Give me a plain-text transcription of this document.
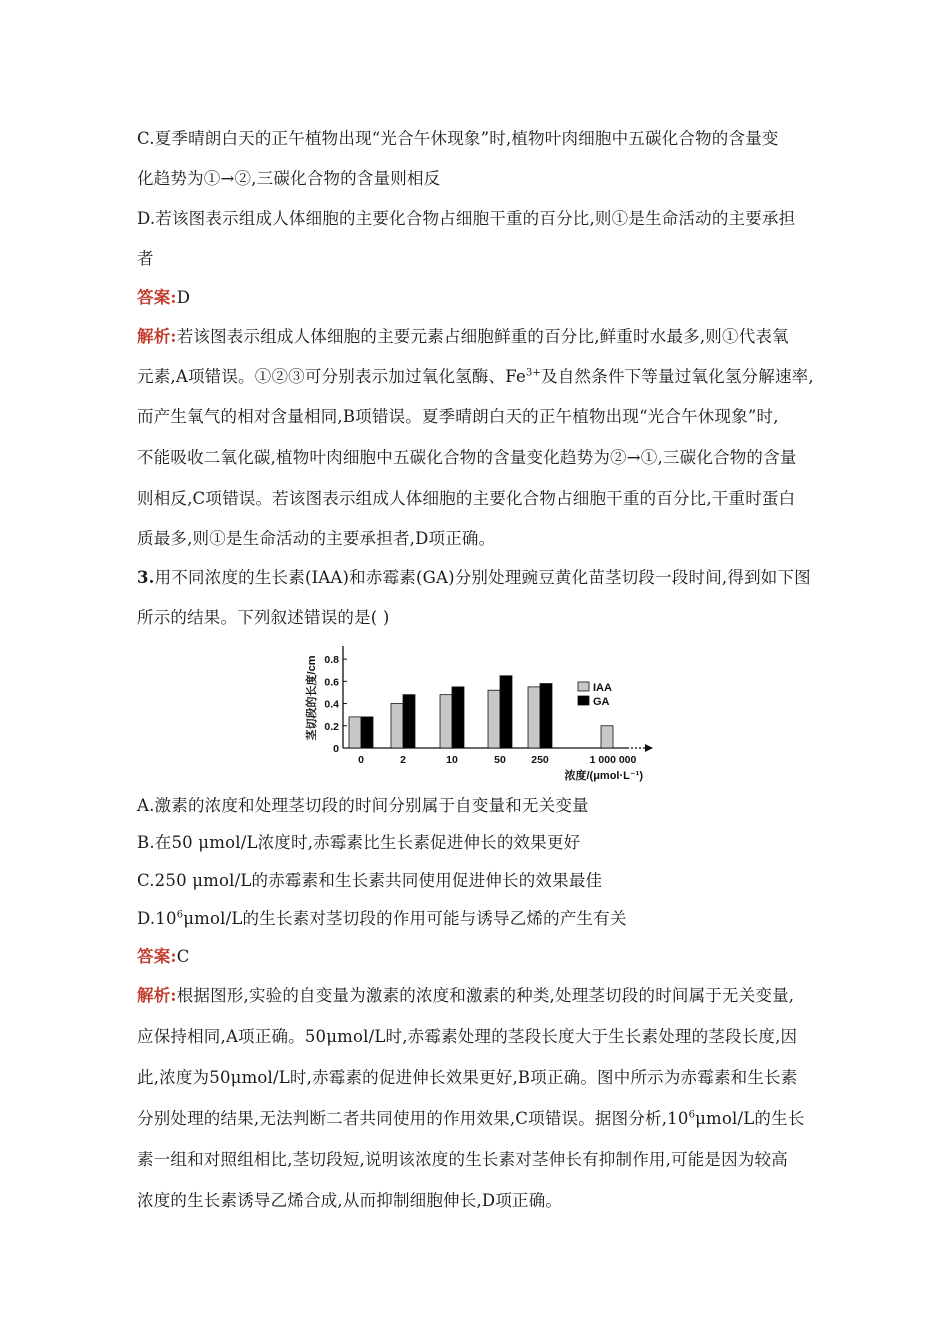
C.夏季晴朗白天的正午植物出现“光合午休现象”时,植物叶肉细胞中五碳化合物的含量变
化趋势为①→②,三碳化合物的含量则相反
D.若该图表示组成人体细胞的主要化合物占细胞干重的百分比,则①是生命活动的主要承担
者
答案:D
解析:若该图表示组成人体细胞的主要元素占细胞鲜重的百分比,鲜重时水最多,则①代表氧
元素,A项错误。①②③可分别表示加过氧化氢酶、$Fe^{3+}$及自然条件下等量过氧化氢分解速率,
而产生氧气的相对含量相同,B项错误。夏季晴朗白天的正午植物出现“光合午休现象”时,
不能吸收二氧化碳,植物叶肉细胞中五碳化合物的含量变化趋势为②→①,三碳化合物的含量
则相反,C项错误。若该图表示组成人体细胞的主要化合物占细胞干重的百分比,干重时蛋白
质最多,则①是生命活动的主要承担者,D项正确。
3.用不同浓度的生长素(IAA)和赤霉素(GA)分别处理豌豆黄化苗茎切段一段时间,得到如下图
所示的结果。下列叙述错误的是( )
茎切段的长度/cm
0
0.2
0.4
0.6
0.8
0	2	10	50 250	1 000 000
IAA
GA
浓度/(μmol·L⁻¹)
A.激素的浓度和处理茎切段的时间分别属于自变量和无关变量
B.在50 μmol/L浓度时,赤霉素比生长素促进伸长的效果更好
C.250 μmol/L的赤霉素和生长素共同使用促进伸长的效果最佳
$D.10^6\mu mol/L$的生长素对茎切段的作用可能与诱导乙烯的产生有关
答案:C
解析:根据图形,实验的自变量为激素的浓度和激素的种类,处理茎切段的时间属于无关变量,
应保持相同,A项正确。50μmol/L时,赤霉素处理的茎段长度大于生长素处理的茎段长度,因
此,浓度为50μmol/L时,赤霉素的促进伸长效果更好,B项正确。图中所示为赤霉素和生长素
分别处理的结果,无法判断二者共同使用的作用效果,C项错误。据图分析$,10^6\mu mol/L$的生长
素一组和对照组相比,茎切段短,说明该浓度的生长素对茎伸长有抑制作用,可能是因为较高
浓度的生长素诱导乙烯合成,从而抑制细胞伸长,D项正确。
